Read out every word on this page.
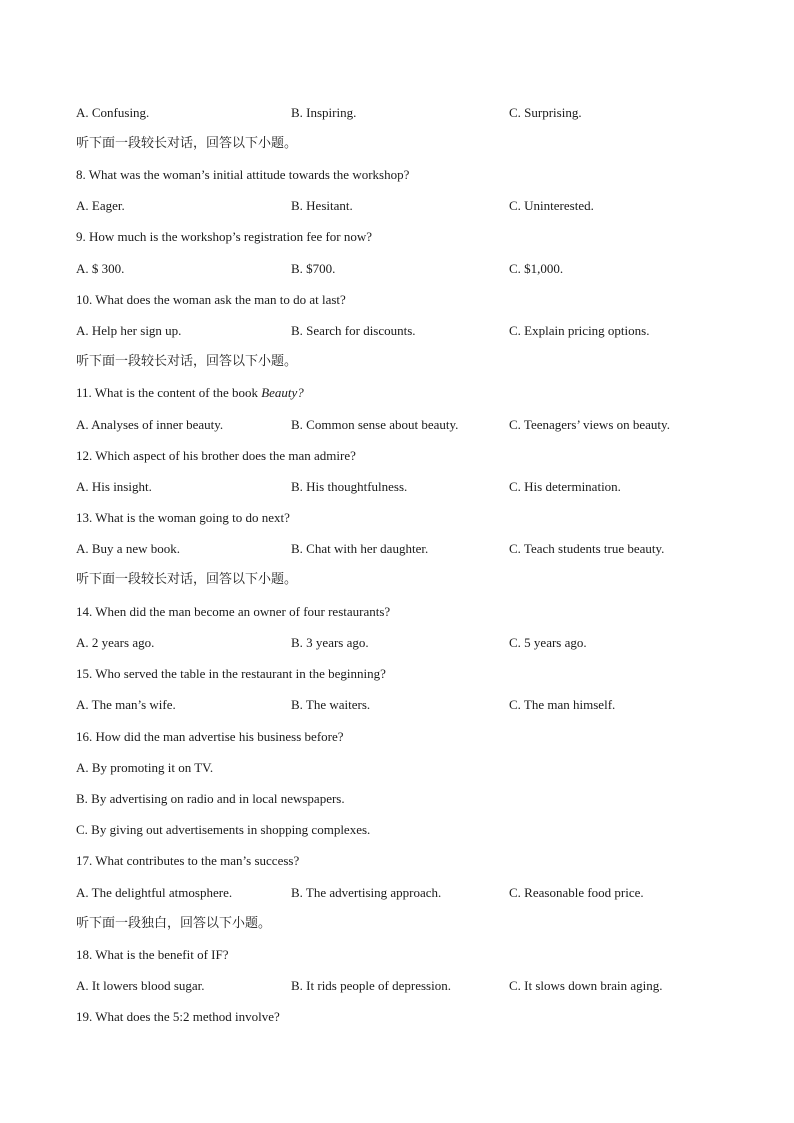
A. Confusing.	B. Inspiring.	C. Surprising.
听下面一段较长对话，回答以下小题。
8. What was the woman’s initial attitude towards the workshop?
A. Eager.	B. Hesitant.	C. Uninterested.
9. How much is the workshop’s registration fee for now?
A. $ 300.	B. $700.	C. $1,000.
10. What does the woman ask the man to do at last?
A. Help her sign up.	B. Search for discounts.	C. Explain pricing options.
听下面一段较长对话，回答以下小题。
11. What is the content of the book Beauty?
A. Analyses of inner beauty.	B. Common sense about beauty.	C. Teenagers’ views on beauty.
12. Which aspect of his brother does the man admire?
A. His insight.	B. His thoughtfulness.	C. His determination.
13. What is the woman going to do next?
A. Buy a new book.	B. Chat with her daughter.	C. Teach students true beauty.
听下面一段较长对话，回答以下小题。
14. When did the man become an owner of four restaurants?
A. 2 years ago.	B. 3 years ago.	C. 5 years ago.
15. Who served the table in the restaurant in the beginning?
A. The man’s wife.	B. The waiters.	C. The man himself.
16. How did the man advertise his business before?
A. By promoting it on TV.
B. By advertising on radio and in local newspapers.
C. By giving out advertisements in shopping complexes.
17. What contributes to the man’s success?
A. The delightful atmosphere.	B. The advertising approach.	C. Reasonable food price.
听下面一段独白，回答以下小题。
18. What is the benefit of IF?
A. It lowers blood sugar.	B. It rids people of depression.	C. It slows down brain aging.
19. What does the 5:2 method involve?
